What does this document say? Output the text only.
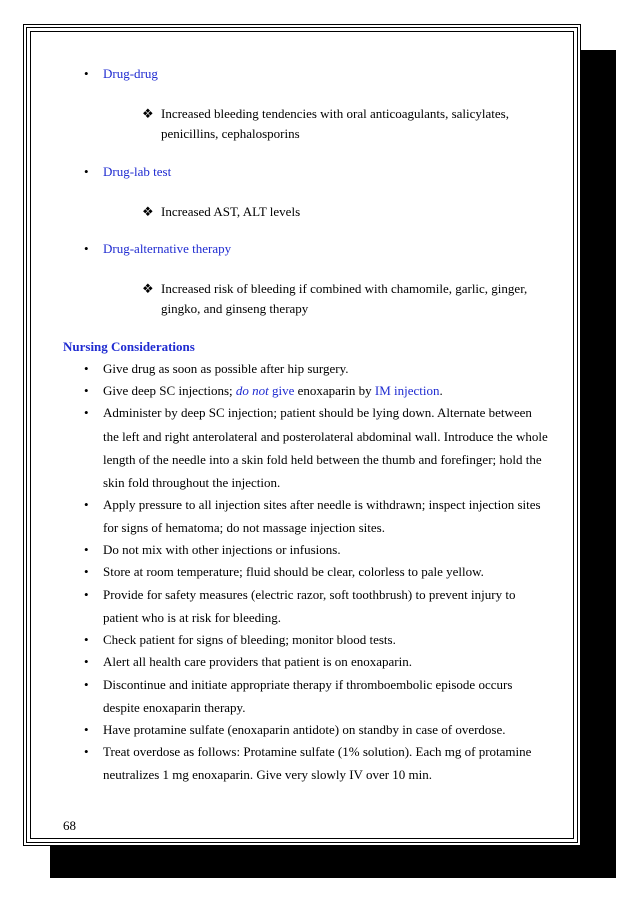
• Drug-drug
❖ Increased bleeding tendencies with oral anticoagulants, salicylates,
penicillins, cephalosporins
• Drug-lab test
❖ Increased AST, ALT levels
• Drug-alternative therapy
❖ Increased risk of bleeding if combined with chamomile, garlic, ginger,
gingko, and ginseng therapy
Nursing Considerations
• Give drug as soon as possible after hip surgery.
• Give deep SC injections; do not give enoxaparin by IM injection.
• Administer by deep SC injection; patient should be lying down. Alternate between
the left and right anterolateral and posterolateral abdominal wall. Introduce the whole
length of the needle into a skin fold held between the thumb and forefinger; hold the
skin fold throughout the injection.
• Apply pressure to all injection sites after needle is withdrawn; inspect injection sites
for signs of hematoma; do not massage injection sites.
• Do not mix with other injections or infusions.
• Store at room temperature; fluid should be clear, colorless to pale yellow.
• Provide for safety measures (electric razor, soft toothbrush) to prevent injury to
patient who is at risk for bleeding.
• Check patient for signs of bleeding; monitor blood tests.
• Alert all health care providers that patient is on enoxaparin.
• Discontinue and initiate appropriate therapy if thromboembolic episode occurs
despite enoxaparin therapy.
• Have protamine sulfate (enoxaparin antidote) on standby in case of overdose.
• Treat overdose as follows: Protamine sulfate (1% solution). Each mg of protamine
neutralizes 1 mg enoxaparin. Give very slowly IV over 10 min.
68
